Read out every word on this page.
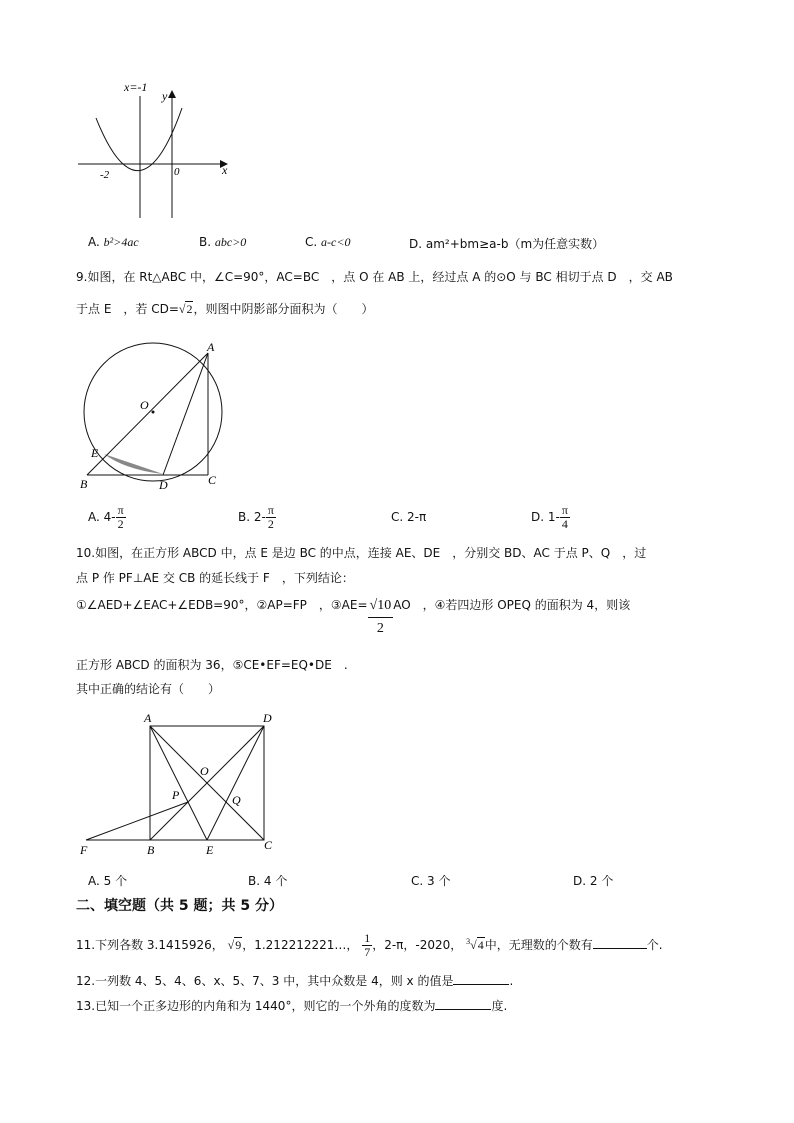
x=-1
y
x
-2	0
A. b²>4ac	B. abc>0	C. a-c<0	D. am²+bm≥a-b（m为任意实数）
9.如图，在 Rt△ABC 中，∠C=90°，AC=BC　，点 O 在 AB 上，经过点 A 的⊙O 与 BC 相切于点 D　，交 AB
于点 E　，若 CD=√2，则图中阴影部分面积为（　　）
A
O
E
B	D	C
A. $4- \frac{\pi}{2}$	B. $2- \frac{\pi}{2}$	C. 2-π	D. $1- \frac{\pi}{4}$
10.如图，在正方形 ABCD 中，点 E 是边 BC 的中点，连接 AE、DE　，分别交 BD、AC 于点 P、Q　，过
点 P 作 PF⊥AE 交 CB 的延长线于 F　，下列结论：
①∠AED+∠EAC+∠EDB=90°，②AP=FP　，③AE= $\frac{√10}{2}$ AO　，④若四边形 OPEQ 的面积为 4，则该
正方形 ABCD 的面积为 36，⑤CE•EF=EQ•DE　.
其中正确的结论有（　　）
A	D
O
P	Q
F	B	E	C
A. 5 个	B. 4 个	C. 3 个	D. 2 个
二、填空题（共 5 题；共 5 分）
11.下列各数 3.1415926， √9，1.212212221…， $\frac{1}{7}$ ，2-π，-2020， $^3$√4中，无理数的个数有	个.
12.一列数 4、5、4、6、x、5、7、3 中，其中众数是 4，则 x 的值是	.
13.已知一个正多边形的内角和为 1440°，则它的一个外角的度数为	度.
